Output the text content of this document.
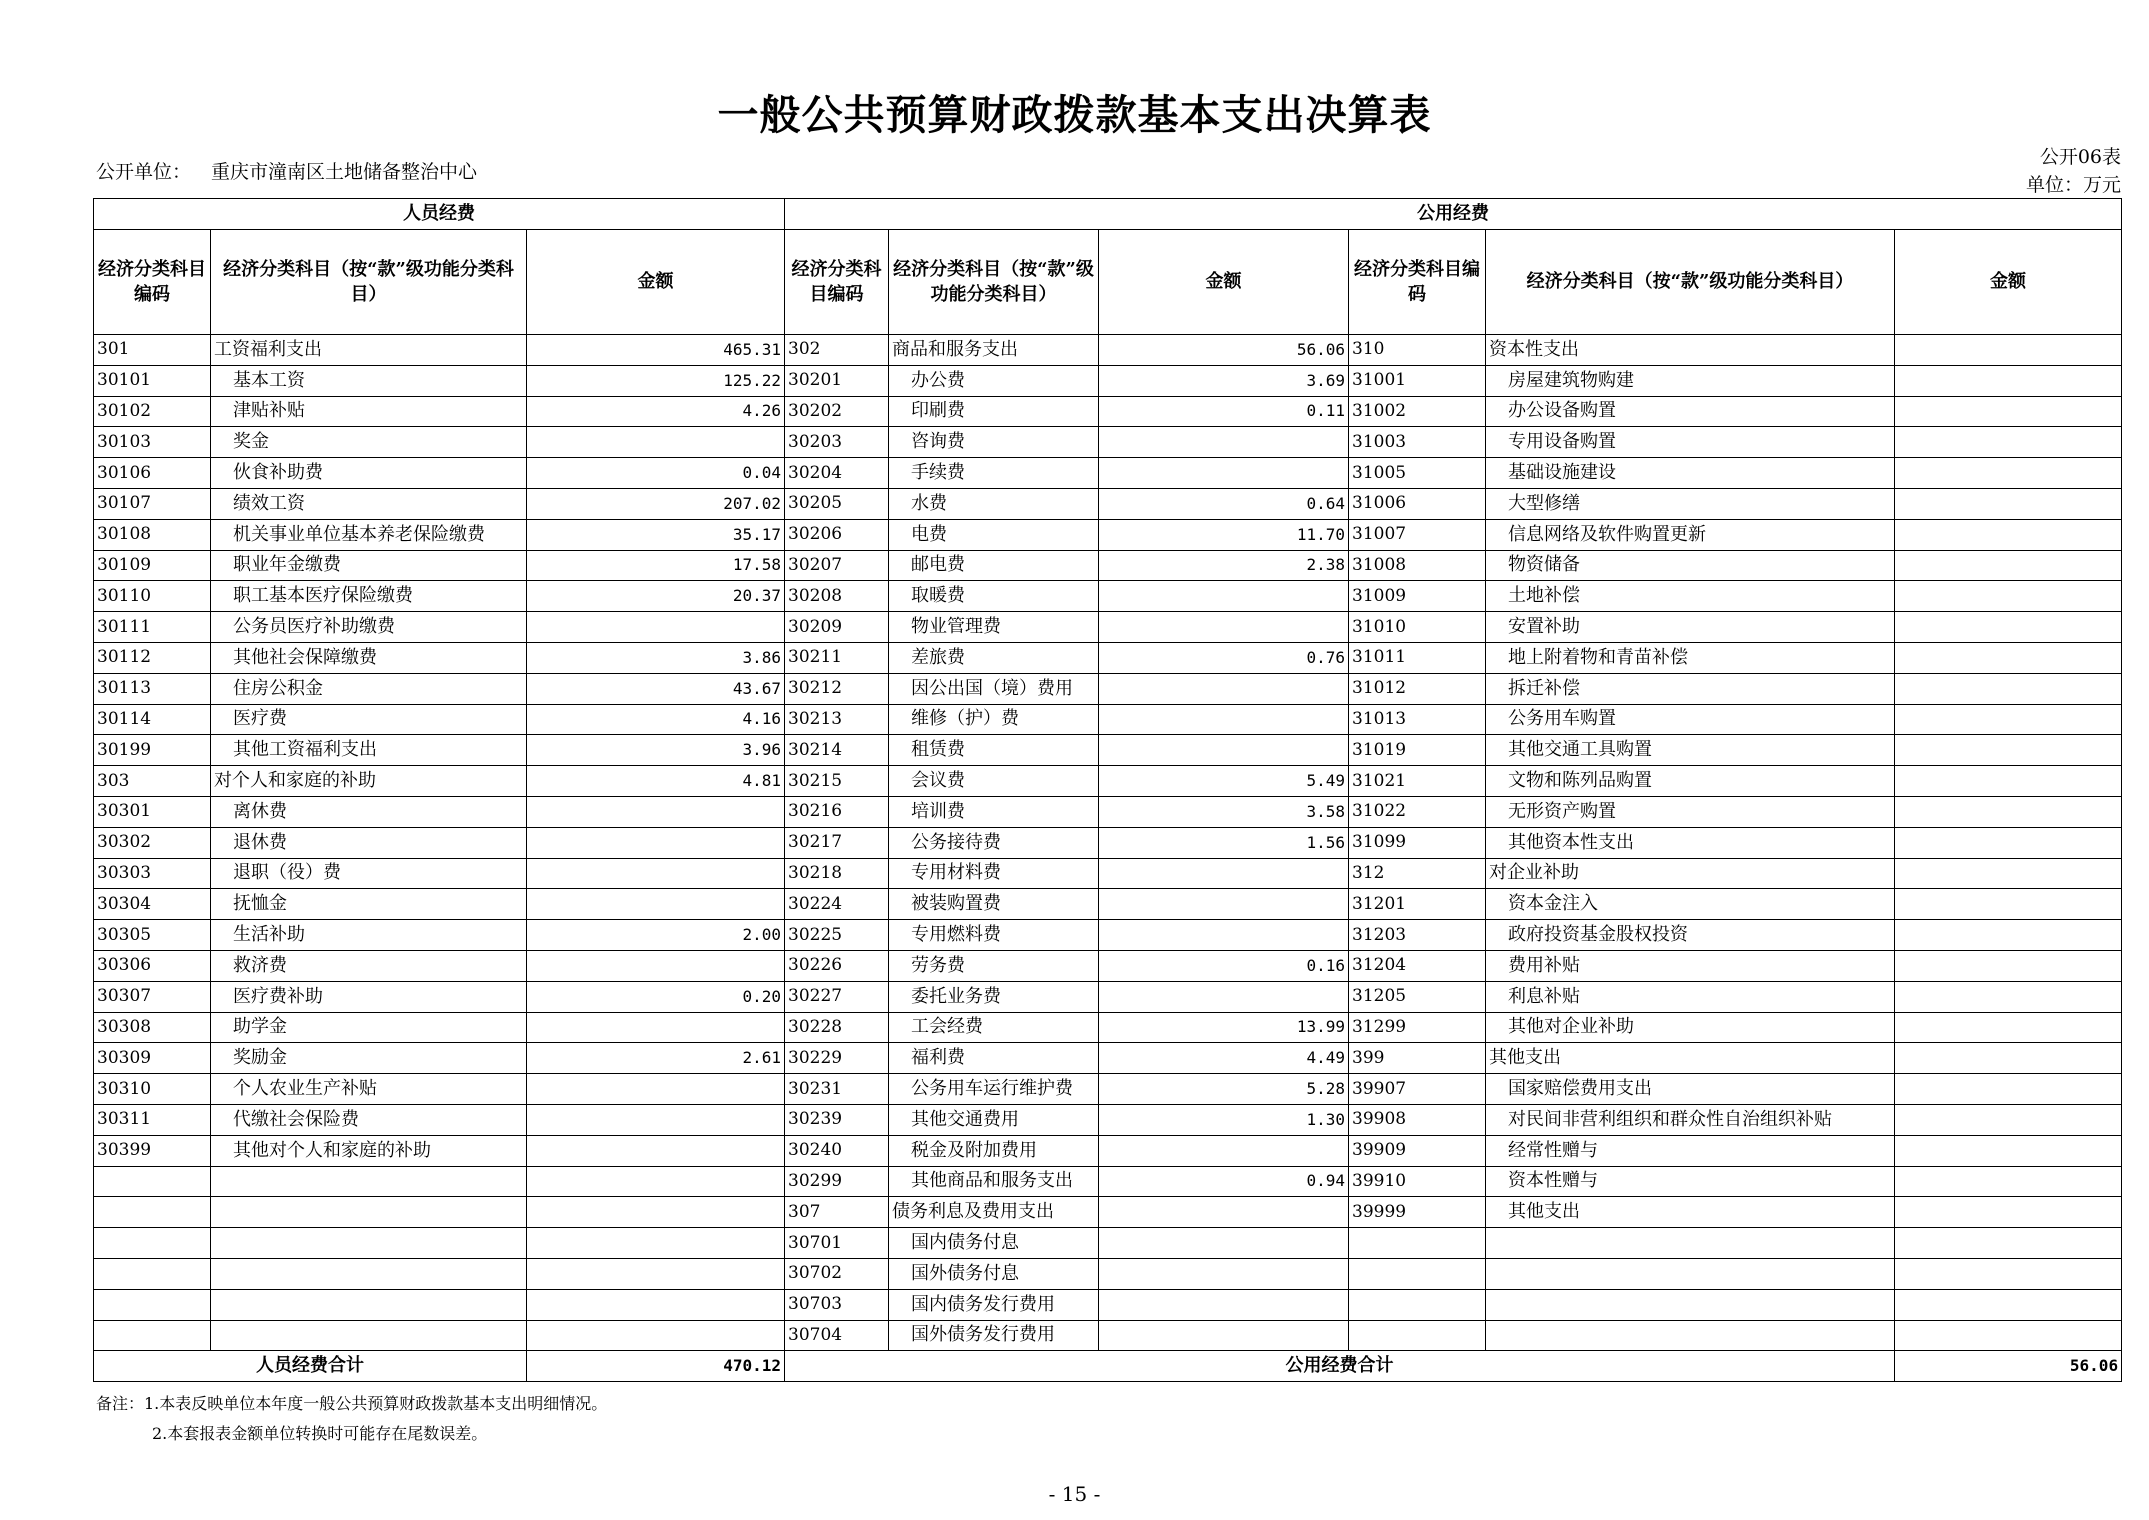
一般公共预算财政拨款基本支出决算表
公开单位： 重庆市潼南区土地储备整治中心
公开06表
单位：万元
人员经费			公用经费					
经济分类科目编码	经济分类科目（按“款”级功能分类科目）	金额	经济分类科目编码	经济分类科目（按“款”级功能分类科目）	金额	经济分类科目编码	经济分类科目（按“款”级功能分类科目）	金额
301	工资福利支出	465.31	302	商品和服务支出	56.06	310	资本性支出	
30101	基本工资	125.22	30201	办公费	3.69	31001	房屋建筑物购建	
30102	津贴补贴	4.26	30202	印刷费	0.11	31002	办公设备购置	
30103	奖金		30203	咨询费		31003	专用设备购置	
30106	伙食补助费	0.04	30204	手续费		31005	基础设施建设	
30107	绩效工资	207.02	30205	水费	0.64	31006	大型修缮	
30108	机关事业单位基本养老保险缴费	35.17	30206	电费	11.70	31007	信息网络及软件购置更新	
30109	职业年金缴费	17.58	30207	邮电费	2.38	31008	物资储备	
30110	职工基本医疗保险缴费	20.37	30208	取暖费		31009	土地补偿	
30111	公务员医疗补助缴费		30209	物业管理费		31010	安置补助	
30112	其他社会保障缴费	3.86	30211	差旅费	0.76	31011	地上附着物和青苗补偿	
30113	住房公积金	43.67	30212	因公出国（境）费用		31012	拆迁补偿	
30114	医疗费	4.16	30213	维修（护）费		31013	公务用车购置	
30199	其他工资福利支出	3.96	30214	租赁费		31019	其他交通工具购置	
303	对个人和家庭的补助	4.81	30215	会议费	5.49	31021	文物和陈列品购置	
30301	离休费		30216	培训费	3.58	31022	无形资产购置	
30302	退休费		30217	公务接待费	1.56	31099	其他资本性支出	
30303	退职（役）费		30218	专用材料费		312	对企业补助	
30304	抚恤金		30224	被装购置费		31201	资本金注入	
30305	生活补助	2.00	30225	专用燃料费		31203	政府投资基金股权投资	
30306	救济费		30226	劳务费	0.16	31204	费用补贴	
30307	医疗费补助	0.20	30227	委托业务费		31205	利息补贴	
30308	助学金		30228	工会经费	13.99	31299	其他对企业补助	
30309	奖励金	2.61	30229	福利费	4.49	399	其他支出	
30310	个人农业生产补贴		30231	公务用车运行维护费	5.28	39907	国家赔偿费用支出	
30311	代缴社会保险费		30239	其他交通费用	1.30	39908	对民间非营利组织和群众性自治组织补贴	
30399	其他对个人和家庭的补助		30240	税金及附加费用		39909	经常性赠与	
			30299	其他商品和服务支出	0.94	39910	资本性赠与	
			307	债务利息及费用支出		39999	其他支出	
			30701	国内债务付息				
			30702	国外债务付息				
			30703	国内债务发行费用				
			30704	国外债务发行费用				
人员经费合计		470.12	公用经费合计					56.06
备注：1.本表反映单位本年度一般公共预算财政拨款基本支出明细情况。
2.本套报表金额单位转换时可能存在尾数误差。
- 15 -
